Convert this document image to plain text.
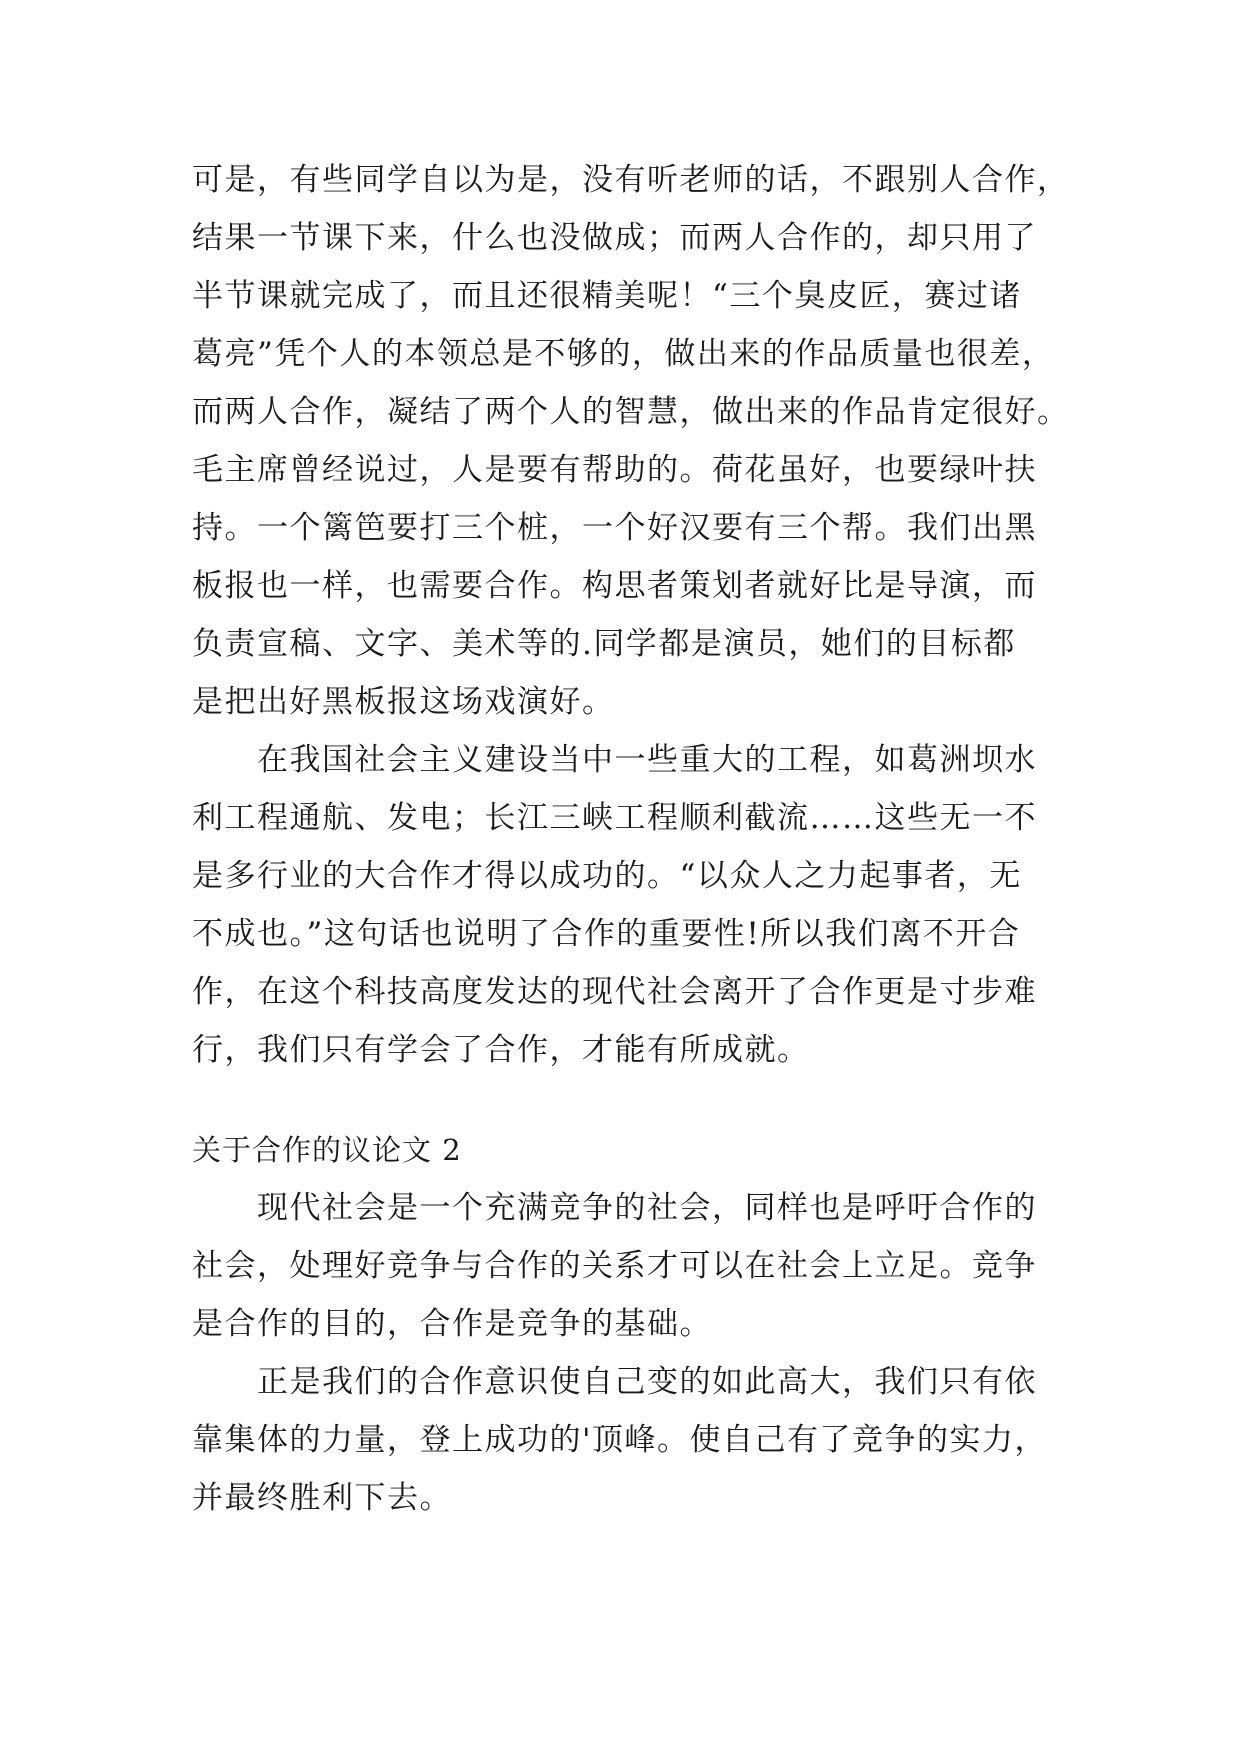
可是，有些同学自以为是，没有听老师的话，不跟别人合作，
结果一节课下来，什么也没做成；而两人合作的，却只用了
半节课就完成了，而且还很精美呢！“三个臭皮匠，赛过诸
葛亮”凭个人的本领总是不够的，做出来的作品质量也很差，
而两人合作，凝结了两个人的智慧，做出来的作品肯定很好。
毛主席曾经说过，人是要有帮助的。荷花虽好，也要绿叶扶
持。一个篱笆要打三个桩，一个好汉要有三个帮。我们出黑
板报也一样，也需要合作。构思者策划者就好比是导演，而
负责宣稿、文字、美术等的.同学都是演员，她们的目标都
是把出好黑板报这场戏演好。
　　在我国社会主义建设当中一些重大的工程，如葛洲坝水
利工程通航、发电；长江三峡工程顺利截流……这些无一不
是多行业的大合作才得以成功的。“以众人之力起事者，无
不成也。”这句话也说明了合作的重要性!所以我们离不开合
作，在这个科技高度发达的现代社会离开了合作更是寸步难
行，我们只有学会了合作，才能有所成就。
关于合作的议论文 2
　　现代社会是一个充满竞争的社会，同样也是呼吁合作的
社会，处理好竞争与合作的关系才可以在社会上立足。竞争
是合作的目的，合作是竞争的基础。
　　正是我们的合作意识使自己变的如此高大，我们只有依
靠集体的力量，登上成功的'顶峰。使自己有了竞争的实力，
并最终胜利下去。
